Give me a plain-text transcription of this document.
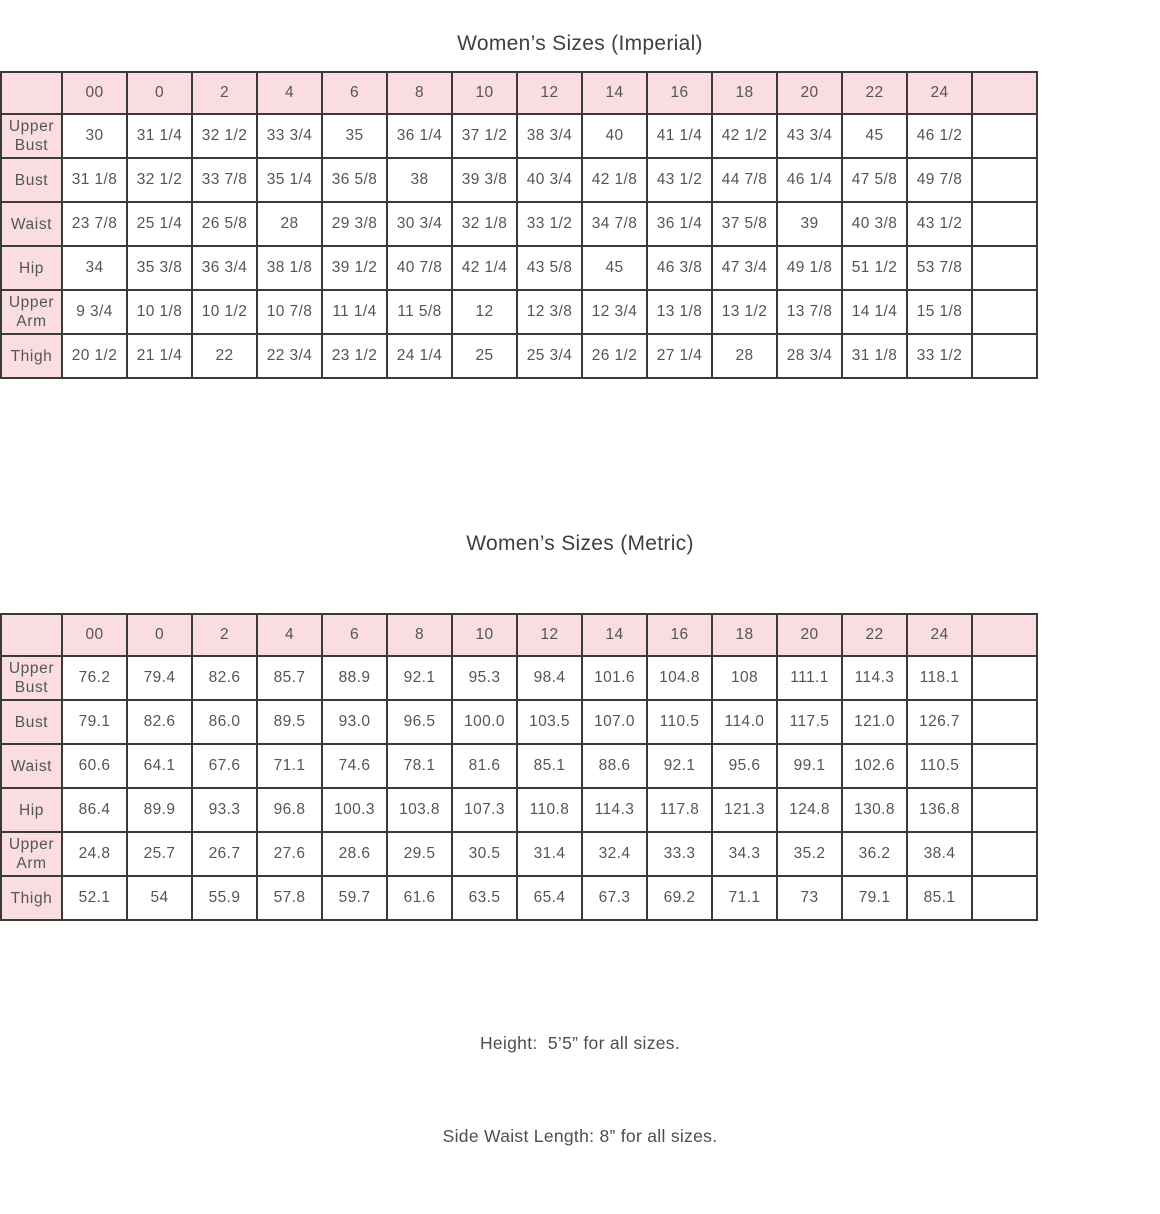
Women’s Sizes (Imperial)
	00	0	2	4	6	8	10	12	14	16	18	20	22	24	
Upper Bust	30	31 1/4	32 1/2	33 3/4	35	36 1/4	37 1/2	38 3/4	40	41 1/4	42 1/2	43 3/4	45	46 1/2	
Bust	31 1/8	32 1/2	33 7/8	35 1/4	36 5/8	38	39 3/8	40 3/4	42 1/8	43 1/2	44 7/8	46 1/4	47 5/8	49 7/8	
Waist	23 7/8	25 1/4	26 5/8	28	29 3/8	30 3/4	32 1/8	33 1/2	34 7/8	36 1/4	37 5/8	39	40 3/8	43 1/2	
Hip	34	35 3/8	36 3/4	38 1/8	39 1/2	40 7/8	42 1/4	43 5/8	45	46 3/8	47 3/4	49 1/8	51 1/2	53 7/8	
Upper Arm	9 3/4	10 1/8	10 1/2	10 7/8	11 1/4	11 5/8	12	12 3/8	12 3/4	13 1/8	13 1/2	13 7/8	14 1/4	15 1/8	
Thigh	20 1/2	21 1/4	22	22 3/4	23 1/2	24 1/4	25	25 3/4	26 1/2	27 1/4	28	28 3/4	31 1/8	33 1/2	
Women’s Sizes (Metric)
	00	0	2	4	6	8	10	12	14	16	18	20	22	24	
Upper Bust	76.2	79.4	82.6	85.7	88.9	92.1	95.3	98.4	101.6	104.8	108	111.1	114.3	118.1	
Bust	79.1	82.6	86.0	89.5	93.0	96.5	100.0	103.5	107.0	110.5	114.0	117.5	121.0	126.7	
Waist	60.6	64.1	67.6	71.1	74.6	78.1	81.6	85.1	88.6	92.1	95.6	99.1	102.6	110.5	
Hip	86.4	89.9	93.3	96.8	100.3	103.8	107.3	110.8	114.3	117.8	121.3	124.8	130.8	136.8	
Upper Arm	24.8	25.7	26.7	27.6	28.6	29.5	30.5	31.4	32.4	33.3	34.3	35.2	36.2	38.4	
Thigh	52.1	54	55.9	57.8	59.7	61.6	63.5	65.4	67.3	69.2	71.1	73	79.1	85.1	

Height:  5’5” for all sizes.

Side Waist Length: 8” for all sizes.
